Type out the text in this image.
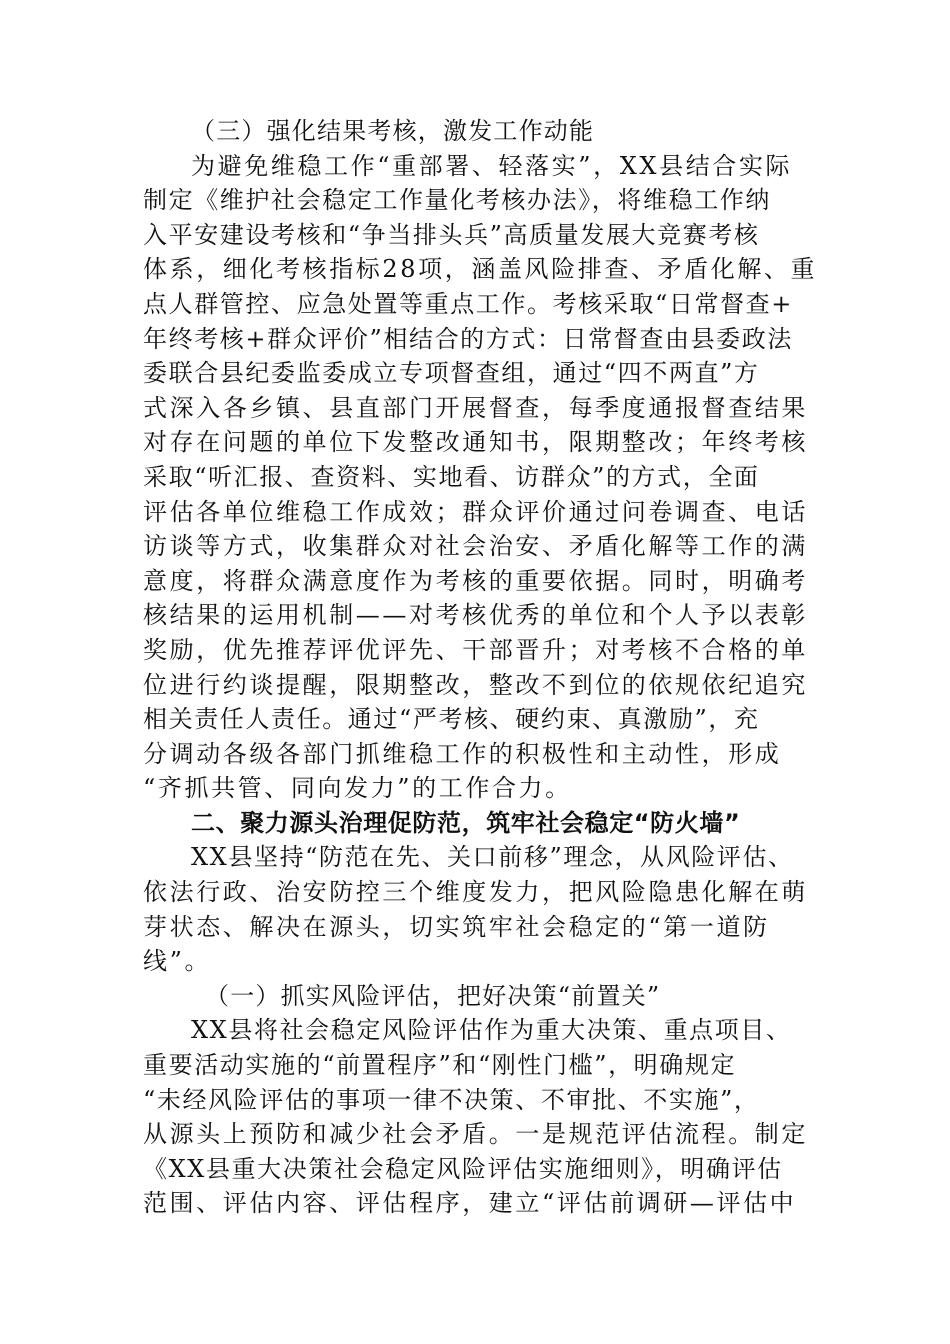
（三）强化结果考核，激发工作动能
为避免维稳工作“重部署、轻落实”，XX县结合实际
制定《维护社会稳定工作量化考核办法》，将维稳工作纳
入平安建设考核和“争当排头兵”高质量发展大竞赛考核
体系，细化考核指标28项，涵盖风险排查、矛盾化解、重
点人群管控、应急处置等重点工作。考核采取“日常督查+
年终考核+群众评价”相结合的方式：日常督查由县委政法
委联合县纪委监委成立专项督查组，通过“四不两直”方
式深入各乡镇、县直部门开展督查，每季度通报督查结果
对存在问题的单位下发整改通知书，限期整改；年终考核
采取“听汇报、查资料、实地看、访群众”的方式，全面
评估各单位维稳工作成效；群众评价通过问卷调查、电话
访谈等方式，收集群众对社会治安、矛盾化解等工作的满
意度，将群众满意度作为考核的重要依据。同时，明确考
核结果的运用机制——对考核优秀的单位和个人予以表彰
奖励，优先推荐评优评先、干部晋升；对考核不合格的单
位进行约谈提醒，限期整改，整改不到位的依规依纪追究
相关责任人责任。通过“严考核、硬约束、真激励”，充
分调动各级各部门抓维稳工作的积极性和主动性，形成
“齐抓共管、同向发力”的工作合力。
二、聚力源头治理促防范，筑牢社会稳定“防火墙”
XX县坚持“防范在先、关口前移”理念，从风险评估、
依法行政、治安防控三个维度发力，把风险隐患化解在萌
芽状态、解决在源头，切实筑牢社会稳定的“第一道防
线”。
（一）抓实风险评估，把好决策“前置关”
XX县将社会稳定风险评估作为重大决策、重点项目、
重要活动实施的“前置程序”和“刚性门槛”，明确规定
“未经风险评估的事项一律不决策、不审批、不实施”，
从源头上预防和减少社会矛盾。一是规范评估流程。制定
《XX县重大决策社会稳定风险评估实施细则》，明确评估
范围、评估内容、评估程序，建立“评估前调研—评估中
